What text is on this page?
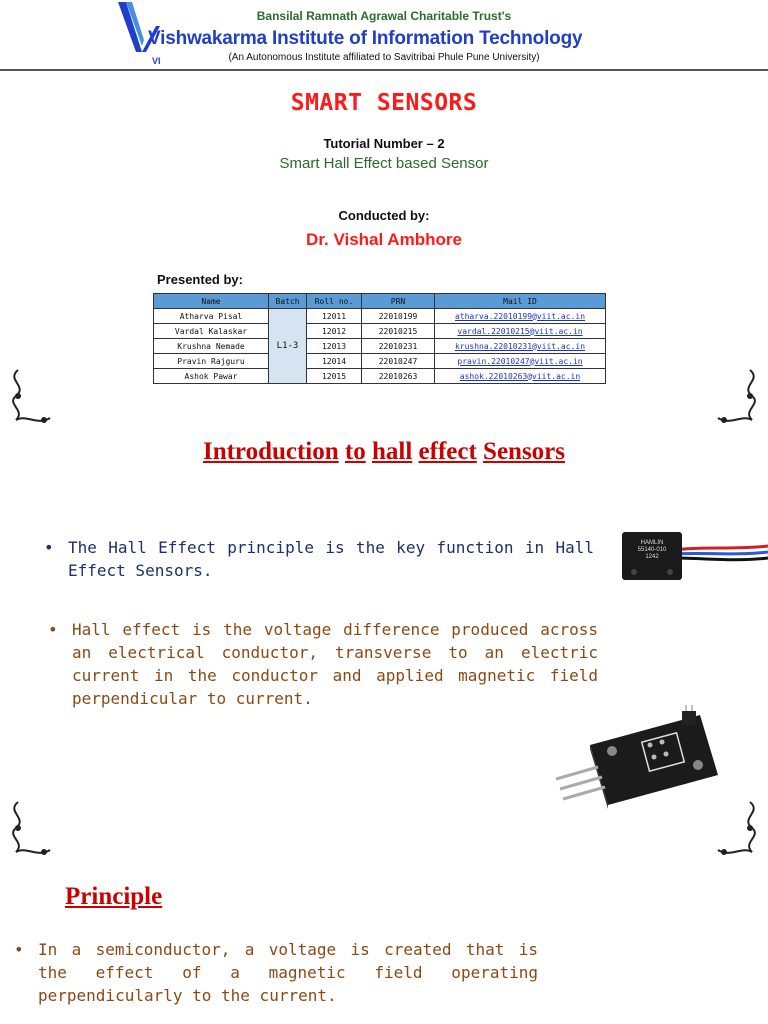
VI
Bansilal Ramnath Agrawal Charitable Trust's
Vishwakarma Institute of Information Technology
(An Autonomous Institute affiliated to Savitribai Phule Pune University)
SMART SENSORS
Tutorial Number – 2
Smart Hall Effect based Sensor
Conducted by:
Dr. Vishal Ambhore
Presented by:
Name	Batch	Roll no.	PRN	Mail ID
Atharva Pisal	L1-3	12011	22010199	atharva.22010199@viit.ac.in
Vardal Kalaskar		12012	22010215	vardal.22010215@viit.ac.in
Krushna Nemade		12013	22010231	krushna.22010231@viit.ac.in
Pravin Rajguru		12014	22010247	pravin.22010247@viit.ac.in
Ashok Pawar		12015	22010263	ashok.22010263@viit.ac.in
Introduction to hall effect Sensors
• The Hall Effect principle is the key function in Hall Effect Sensors.
• Hall effect is the voltage difference produced across an electrical conductor, transverse to an electric current in the conductor and applied magnetic field perpendicular to current.
HAMLIN
55140-010
1242
Principle
• In a semiconductor, a voltage is created that is the effect of a magnetic field operating perpendicularly to the current.
